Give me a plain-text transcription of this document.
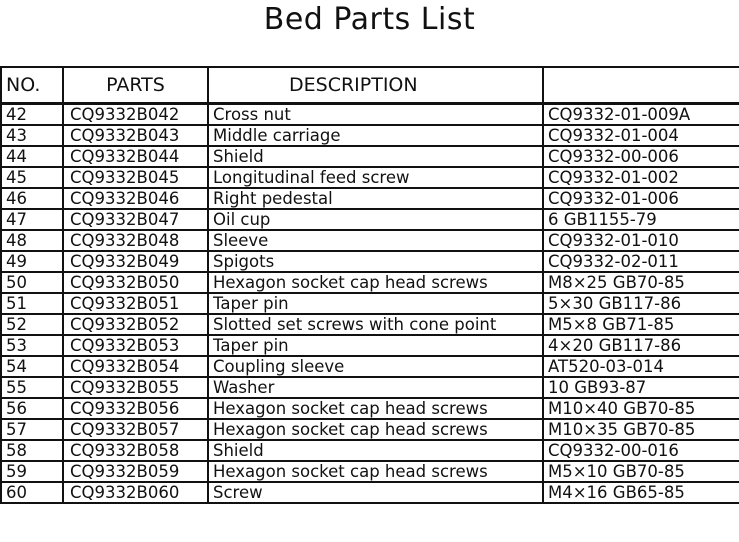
Bed Parts List
NO.	PARTS	DESCRIPTION	
42	CQ9332B042	Cross nut	CQ9332-01-009A
43	CQ9332B043	Middle carriage	CQ9332-01-004
44	CQ9332B044	Shield	CQ9332-00-006
45	CQ9332B045	Longitudinal feed screw	CQ9332-01-002
46	CQ9332B046	Right pedestal	CQ9332-01-006
47	CQ9332B047	Oil cup	6 GB1155-79
48	CQ9332B048	Sleeve	CQ9332-01-010
49	CQ9332B049	Spigots	CQ9332-02-011
50	CQ9332B050	Hexagon socket cap head screws	M8×25 GB70-85
51	CQ9332B051	Taper pin	5×30 GB117-86
52	CQ9332B052	Slotted set screws with cone point	M5×8 GB71-85
53	CQ9332B053	Taper pin	4×20 GB117-86
54	CQ9332B054	Coupling sleeve	AT520-03-014
55	CQ9332B055	Washer	10 GB93-87
56	CQ9332B056	Hexagon socket cap head screws	M10×40 GB70-85
57	CQ9332B057	Hexagon socket cap head screws	M10×35 GB70-85
58	CQ9332B058	Shield	CQ9332-00-016
59	CQ9332B059	Hexagon socket cap head screws	M5×10 GB70-85
60	CQ9332B060	Screw	M4×16 GB65-85
